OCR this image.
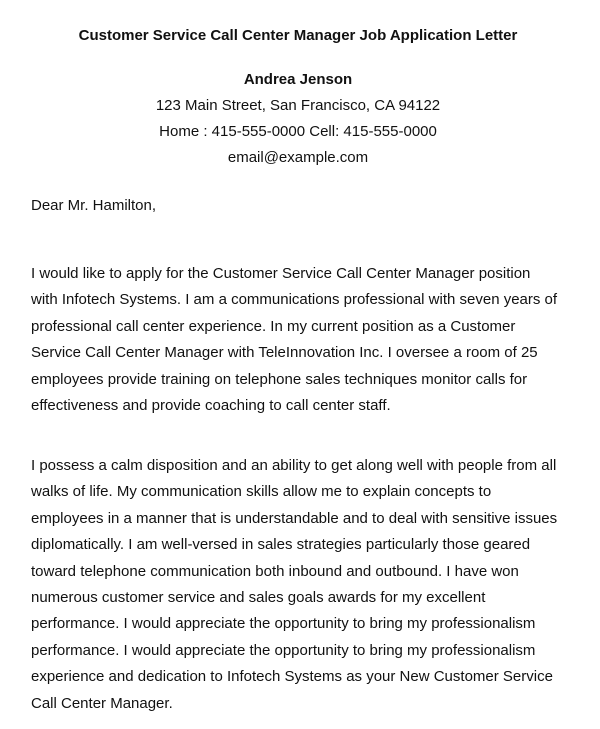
Customer Service Call Center Manager Job Application Letter
Andrea Jenson
123 Main Street, San Francisco, CA 94122
Home : 415-555-0000 Cell: 415-555-0000
email@example.com
Dear Mr. Hamilton,
I would like to apply for the Customer Service Call Center Manager position
with Infotech Systems. I am a communications professional with seven years of
professional call center experience. In my current position as a Customer
Service Call Center Manager with TeleInnovation Inc. I oversee a room of 25
employees provide training on telephone sales techniques monitor calls for
effectiveness and provide coaching to call center staff.
I possess a calm disposition and an ability to get along well with people from all
walks of life. My communication skills allow me to explain concepts to
employees in a manner that is understandable and to deal with sensitive issues
diplomatically. I am well-versed in sales strategies particularly those geared
toward telephone communication both inbound and outbound. I have won
numerous customer service and sales goals awards for my excellent
performance. I would appreciate the opportunity to bring my professionalism
performance. I would appreciate the opportunity to bring my professionalism
experience and dedication to Infotech Systems as your New Customer Service
Call Center Manager.
